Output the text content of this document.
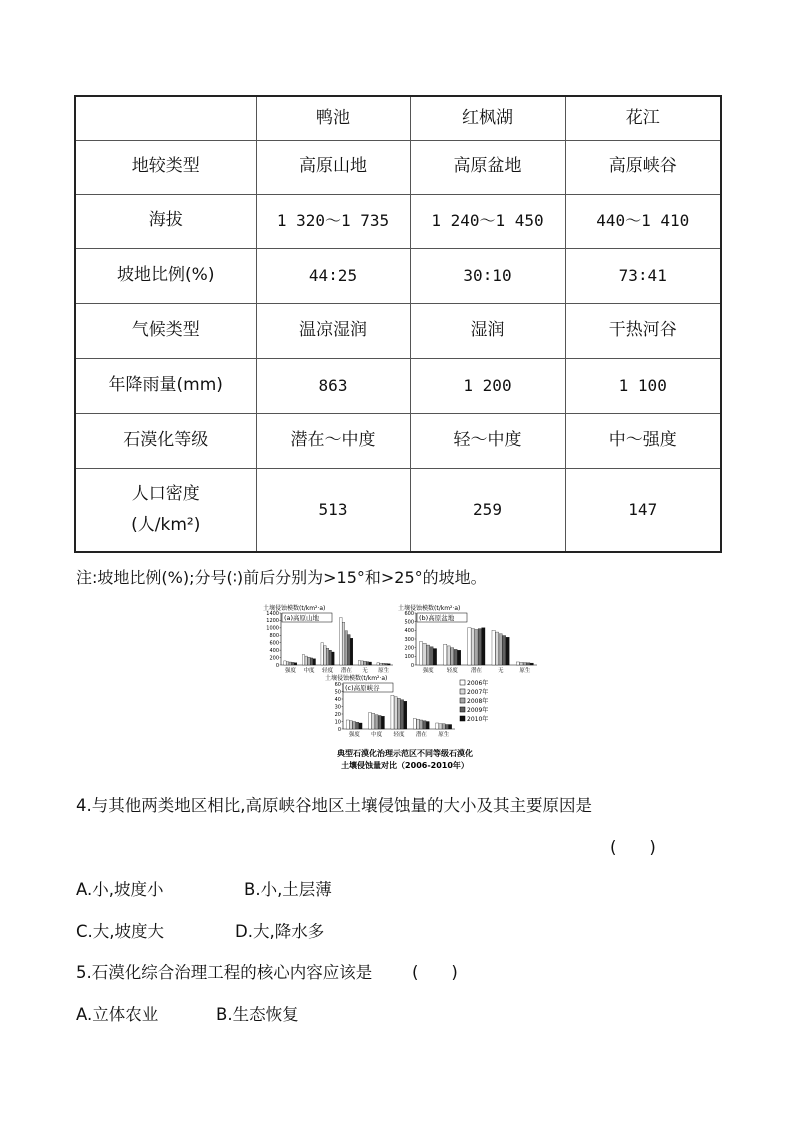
	鸭池	红枫湖	花江
地较类型	高原山地	高原盆地	高原峡谷
海拔	1 320～1 735	1 240～1 450	440～1 410
坡地比例(%)	44∶25	30∶10	73∶41
气候类型	温凉湿润	湿润	干热河谷
年降雨量(mm)	863	1 200	1 100
石漠化等级	潜在～中度	轻～中度	中～强度

人口密度
(人/km²)	513	259	147
注:坡地比例(%);分号(∶)前后分别为>15°和>25°的坡地。
土壤侵蚀模数(t/km²·a)
(a)高原山地
1400
1200
1000
800
600
400
200
0
强度 中度 轻度 潜在 无 原生
土壤侵蚀模数(t/km²·a)
(b)高原盆地
600
500
400
300
200
100
0
强度 轻度 潜在	无	原生
土壤侵蚀模数(t/km²·a)
(c)高原峡谷
60
50
40
30
20
10
0
强度 中度 轻度 潜在 原生
2006年
2007年
2008年
2009年
2010年
典型石漠化治理示范区不同等级石漠化
土壤侵蚀量对比（2006-2010年）
4.与其他两类地区相比,高原峡谷地区土壤侵蚀量的大小及其主要原因是
(　　)
A.小,坡度小	B.小,土层薄
C.大,坡度大	D.大,降水多
5.石漠化综合治理工程的核心内容应该是 (　　)
A.立体农业	B.生态恢复
